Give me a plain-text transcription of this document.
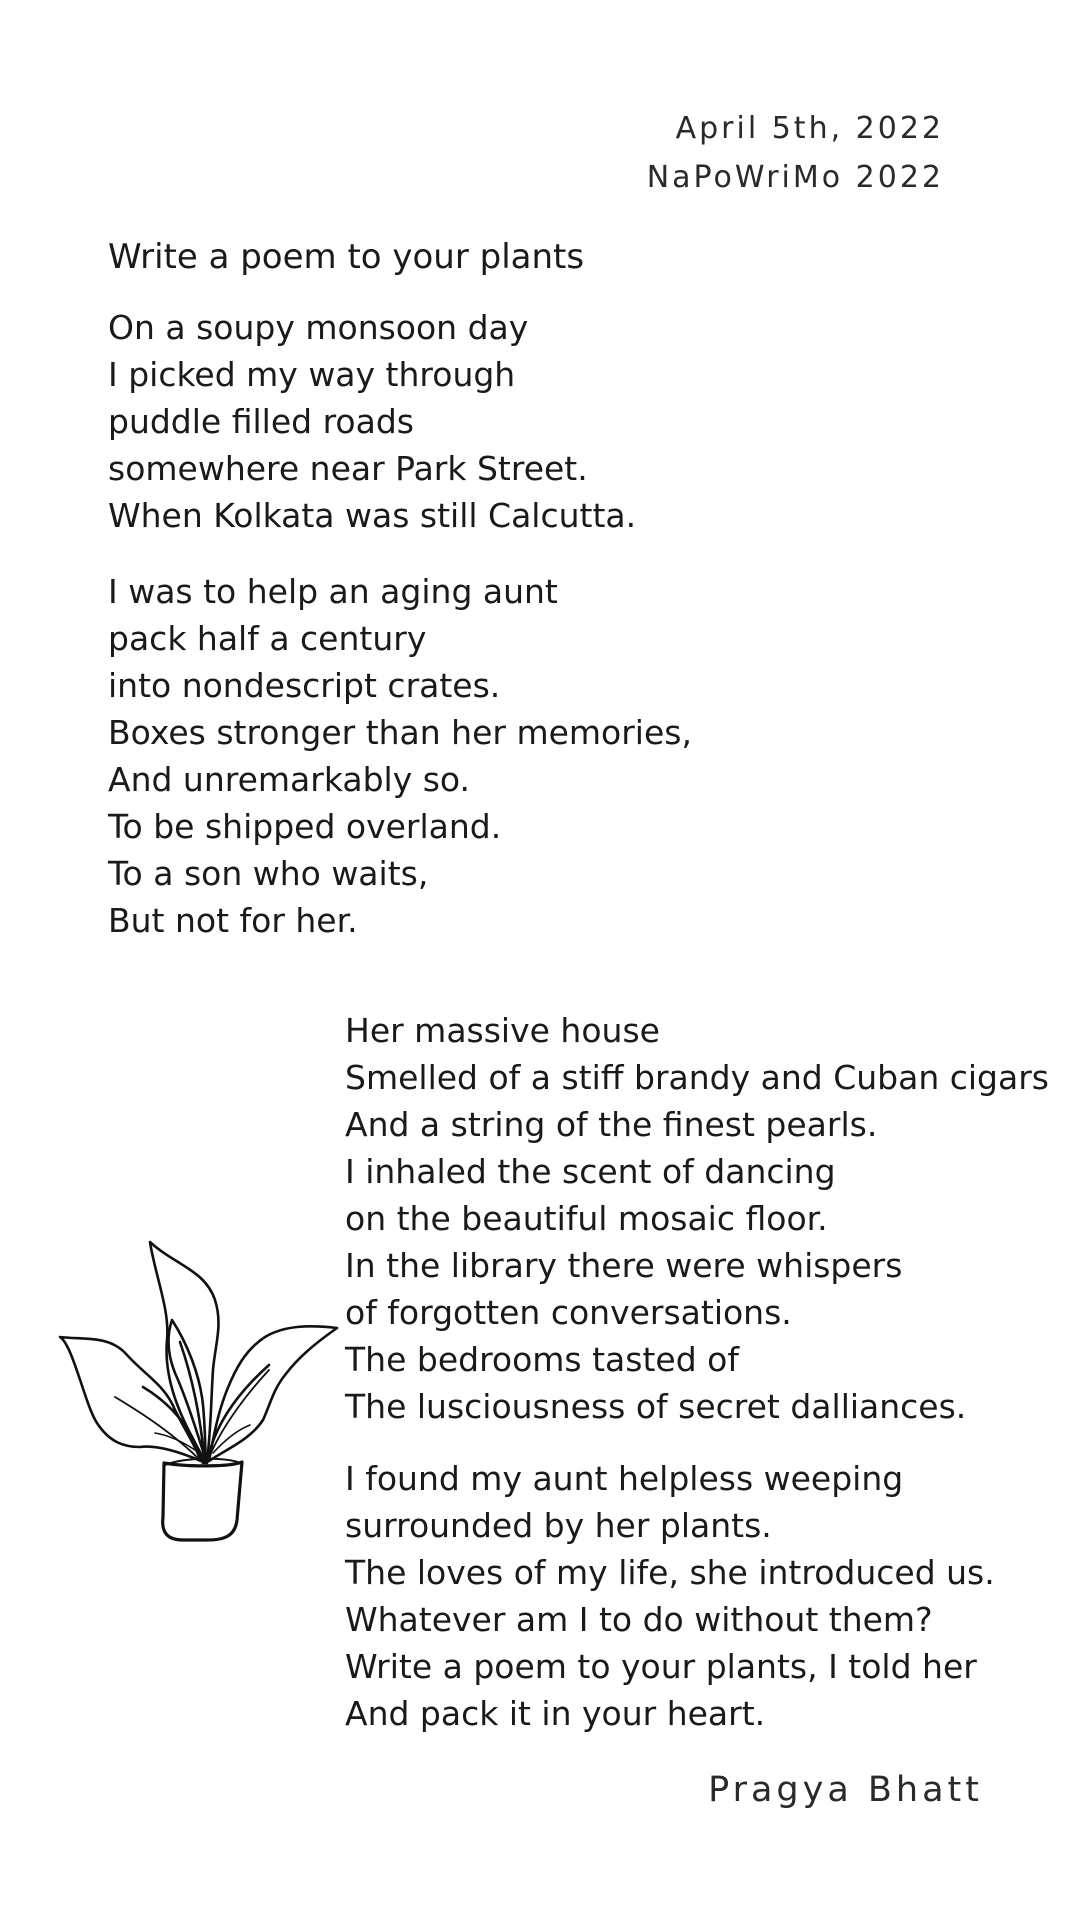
April 5th, 2022
NaPoWriMo 2022
Write a poem to your plants
On a soupy monsoon day
I picked my way through
puddle filled roads
somewhere near Park Street.
When Kolkata was still Calcutta.
I was to help an aging aunt
pack half a century
into nondescript crates.
Boxes stronger than her memories,
And unremarkably so.
To be shipped overland.
To a son who waits,
But not for her.
Her massive house
Smelled of a stiff brandy and Cuban cigars
And a string of the finest pearls.
I inhaled the scent of dancing
on the beautiful mosaic floor.
In the library there were whispers
of forgotten conversations.
The bedrooms tasted of
The lusciousness of secret dalliances.
I found my aunt helpless weeping
surrounded by her plants.
The loves of my life, she introduced us.
Whatever am I to do without them?
Write a poem to your plants, I told her
And pack it in your heart.
Pragya Bhatt
